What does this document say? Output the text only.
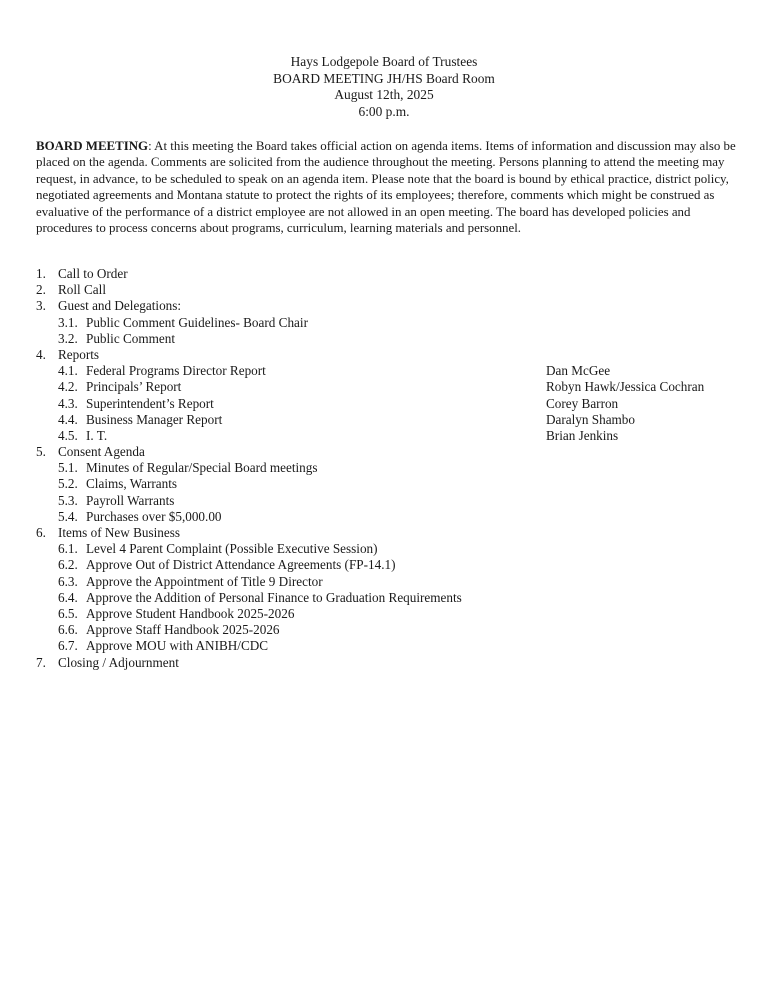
Hays Lodgepole Board of Trustees
BOARD MEETING JH/HS Board Room
August 12th, 2025
6:00 p.m.
BOARD MEETING: At this meeting the Board takes official action on agenda items. Items of information and discussion may also be placed on the agenda. Comments are solicited from the audience throughout the meeting. Persons planning to attend the meeting may request, in advance, to be scheduled to speak on an agenda item. Please note that the board is bound by ethical practice, district policy, negotiated agreements and Montana statute to protect the rights of its employees; therefore, comments which might be construed as evaluative of the performance of a district employee are not allowed in an open meeting. The board has developed policies and procedures to process concerns about programs, curriculum, learning materials and personnel.
1. Call to Order
2. Roll Call
3. Guest and Delegations:
3.1. Public Comment Guidelines- Board Chair
3.2. Public Comment
4. Reports
4.1. Federal Programs Director Report	Dan McGee
4.2. Principals’ Report	Robyn Hawk/Jessica Cochran
4.3. Superintendent’s Report	Corey Barron
4.4. Business Manager Report	Daralyn Shambo
4.5. I. T.	Brian Jenkins
5. Consent Agenda
5.1. Minutes of Regular/Special Board meetings
5.2. Claims, Warrants
5.3. Payroll Warrants
5.4. Purchases over $5,000.00
6. Items of New Business
6.1. Level 4 Parent Complaint (Possible Executive Session)
6.2. Approve Out of District Attendance Agreements (FP-14.1)
6.3. Approve the Appointment of Title 9 Director
6.4. Approve the Addition of Personal Finance to Graduation Requirements
6.5. Approve Student Handbook 2025-2026
6.6. Approve Staff Handbook 2025-2026
6.7. Approve MOU with ANIBH/CDC
7. Closing / Adjournment
